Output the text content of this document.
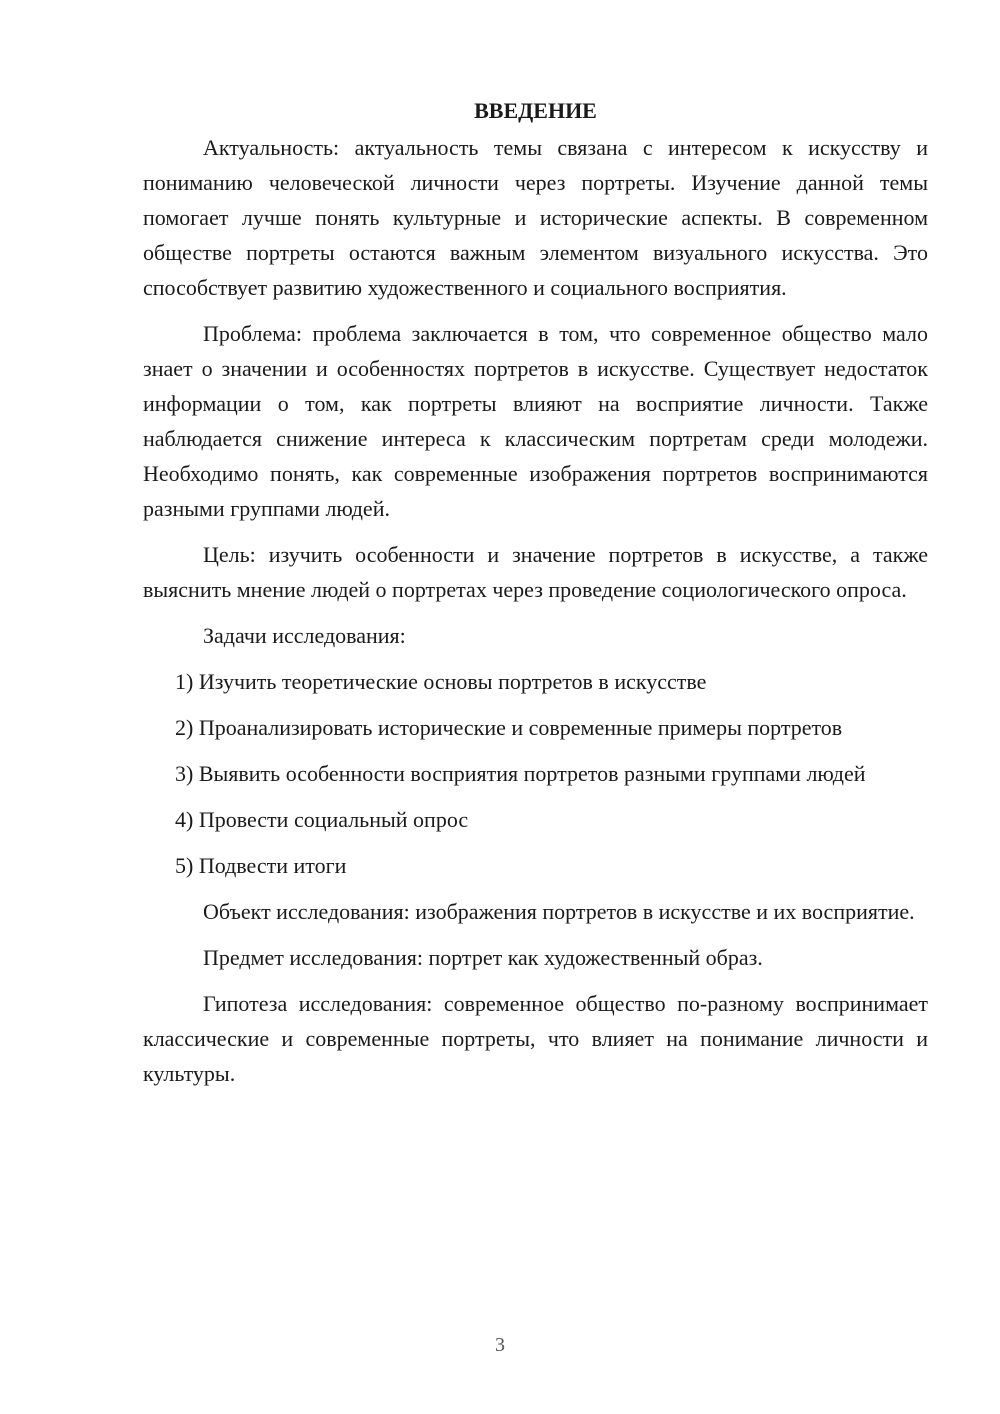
ВВЕДЕНИЕ

Актуальность: актуальность темы связана с интересом к искусству и пониманию человеческой личности через портреты. Изучение данной темы помогает лучше понять культурные и исторические аспекты. В современном обществе портреты остаются важным элементом визуального искусства. Это способствует развитию художественного и социального восприятия.

Проблема: проблема заключается в том, что современное общество мало знает о значении и особенностях портретов в искусстве. Существует недостаток информации о том, как портреты влияют на восприятие личности. Также наблюдается снижение интереса к классическим портретам среди молодежи. Необходимо понять, как современные изображения портретов воспринимаются разными группами людей.

Цель: изучить особенности и значение портретов в искусстве, а также выяснить мнение людей о портретах через проведение социологического опроса.

Задачи исследования:

1) Изучить теоретические основы портретов в искусстве

2) Проанализировать исторические и современные примеры портретов

3) Выявить особенности восприятия портретов разными группами людей

4) Провести социальный опрос

5) Подвести итоги

Объект исследования: изображения портретов в искусстве и их восприятие.

Предмет исследования: портрет как художественный образ.

Гипотеза исследования: современное общество по-разному воспринимает классические и современные портреты, что влияет на понимание личности и культуры.

3
